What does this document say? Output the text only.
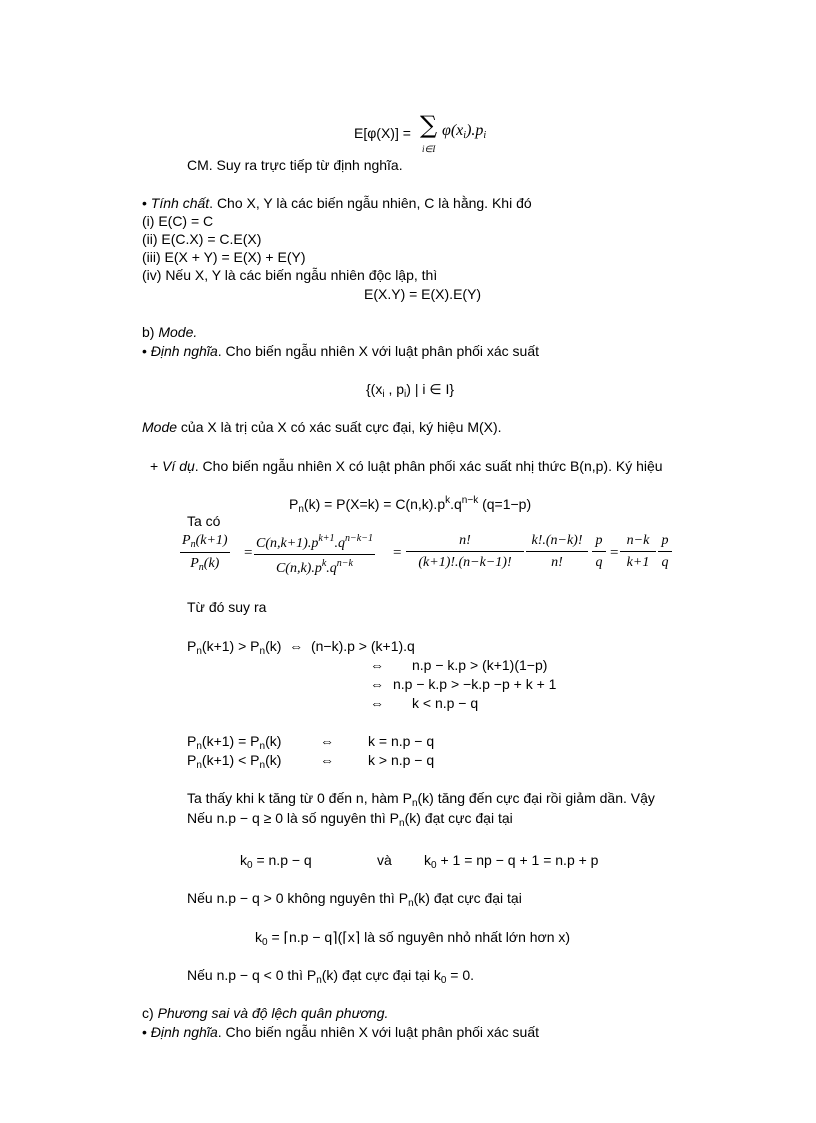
E[φ(X)] = ∑
i∈I
$\varphi(x_i).p_i$
CM. Suy ra trực tiếp từ định nghĩa.
• Tính chất. Cho X, Y là các biến ngẫu nhiên, C là hằng. Khi đó
(i) E(C) = C
(ii) E(C.X) = C.E(X)
(iii) E(X + Y) = E(X) + E(Y)
(iv) Nếu X, Y là các biến ngẫu nhiên độc lập, thì
E(X.Y) = E(X).E(Y)
b) Mode.
• Định nghĩa. Cho biến ngẫu nhiên X với luật phân phối xác suất
{($x_i$ , $p_i$) | i ∈ I}
Mode của X là trị của X có xác suất cực đại, ký hiệu M(X).
+ Ví dụ. Cho biến ngẫu nhiên X có luật phân phối xác suất nhị thức B(n,p). Ký hiệu
$P_n(k) = P(X=k) = C(n,k).p^k.q^{n-k}$ (q=1−p)
Ta có
$\frac{P_n(k+1)}{P_n(k)} = \frac{C(n,k+1).p^{k+1}.q^{n-k-1}}{C(n,k).p^k.q^{n-k}} = \frac{n!}{(k+1)!.(n-k-1)!} \frac{k!.(n-k)!}{n!} \frac{p}{q} = \frac{n-k}{k+1} \frac{p}{q}$
Từ đó suy ra
$P_n(k+1) > P_n(k)$  ⇔ (n−k).p > (k+1).q
⇔ n.p − k.p > (k+1)(1−p)
⇔ n.p − k.p > −k.p −p + k + 1
⇔ k < n.p − q
$P_n(k+1) = P_n(k)$	⇔ k = n.p − q
$P_n(k+1) < P_n(k)$	⇔ k > n.p − q
Ta thấy khi k tăng từ 0 đến n, hàm $P_n(k)$ tăng đến cực đại rồi giảm dần. Vậy
Nếu n.p − q ≥ 0 là số nguyên thì $P_n(k)$ đạt cực đại tại
$k_0 = n.p - q$	và $k_0 + 1$ = np − q + 1 = n.p + p
Nếu n.p − q > 0 không nguyên thì $P_n(k)$ đạt cực đại tại
$k_0$ = ⌈n.p − q⌉(⌈x⌉ là số nguyên nhỏ nhất lớn hơn x)
Nếu n.p − q < 0 thì $P_n(k)$ đạt cực đại tại $k_0 = 0$.
c) Phương sai và độ lệch quân phương.
• Định nghĩa. Cho biến ngẫu nhiên X với luật phân phối xác suất
